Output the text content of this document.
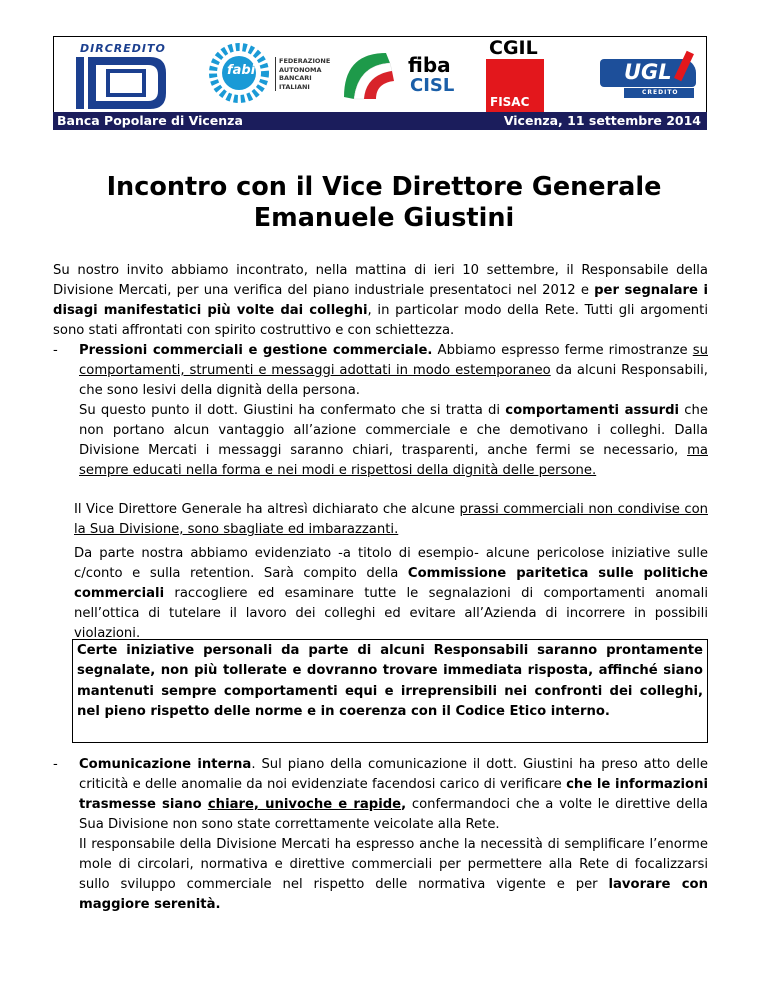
DIRCREDITO
fabi
FEDERAZIONE
AUTONOMA
BANCARI
ITALIANI
fiba
CISL
CGIL
FISAC
UGL
CREDITO
Banca Popolare di Vicenza	Vicenza, 11 settembre 2014
Incontro con il Vice Direttore Generale
Emanuele Giustini

Su nostro invito abbiamo incontrato, nella mattina di ieri 10 settembre, il Responsabile della Divisione Mercati, per una verifica del piano industriale presentatoci nel 2012 e per segnalare i disagi manifestatici più volte dai colleghi, in particolar modo della Rete. Tutti gli argomenti sono stati affrontati con spirito costruttivo e con schiettezza.

- Pressioni commerciali e gestione commerciale. Abbiamo espresso ferme rimostranze su comportamenti, strumenti e messaggi adottati in modo estemporaneo da alcuni Responsabili, che sono lesivi della dignità della persona.

Su questo punto il dott. Giustini ha confermato che si tratta di comportamenti assurdi che non portano alcun vantaggio all’azione commerciale e che demotivano i colleghi. Dalla Divisione Mercati i messaggi saranno chiari, trasparenti, anche fermi se necessario, ma sempre educati nella forma e nei modi e rispettosi della dignità delle persone.

Il Vice Direttore Generale ha altresì dichiarato che alcune prassi commerciali non condivise con la Sua Divisione, sono sbagliate ed imbarazzanti.

Da parte nostra abbiamo evidenziato -a titolo di esempio- alcune pericolose iniziative sulle c/conto e sulla retention. Sarà compito della Commissione paritetica sulle politiche commerciali raccogliere ed esaminare tutte le segnalazioni di comportamenti anomali nell’ottica di tutelare il lavoro dei colleghi ed evitare all’Azienda di incorrere in possibili violazioni.

Certe iniziative personali da parte di alcuni Responsabili saranno prontamente segnalate, non più tollerate e dovranno trovare immediata risposta, affinché siano mantenuti sempre comportamenti equi e irreprensibili nei confronti dei colleghi, nel pieno rispetto delle norme e in coerenza con il Codice Etico interno.
- Comunicazione interna. Sul piano della comunicazione il dott. Giustini ha preso atto delle criticità e delle anomalie da noi evidenziate facendosi carico di verificare che le informazioni trasmesse siano chiare, univoche e rapide, confermandoci che a volte le direttive della Sua Divisione non sono state correttamente veicolate alla Rete.

Il responsabile della Divisione Mercati ha espresso anche la necessità di semplificare l’enorme mole di circolari, normativa e direttive commerciali per permettere alla Rete di focalizzarsi sullo sviluppo commerciale nel rispetto delle normativa vigente e per lavorare con maggiore serenità.
